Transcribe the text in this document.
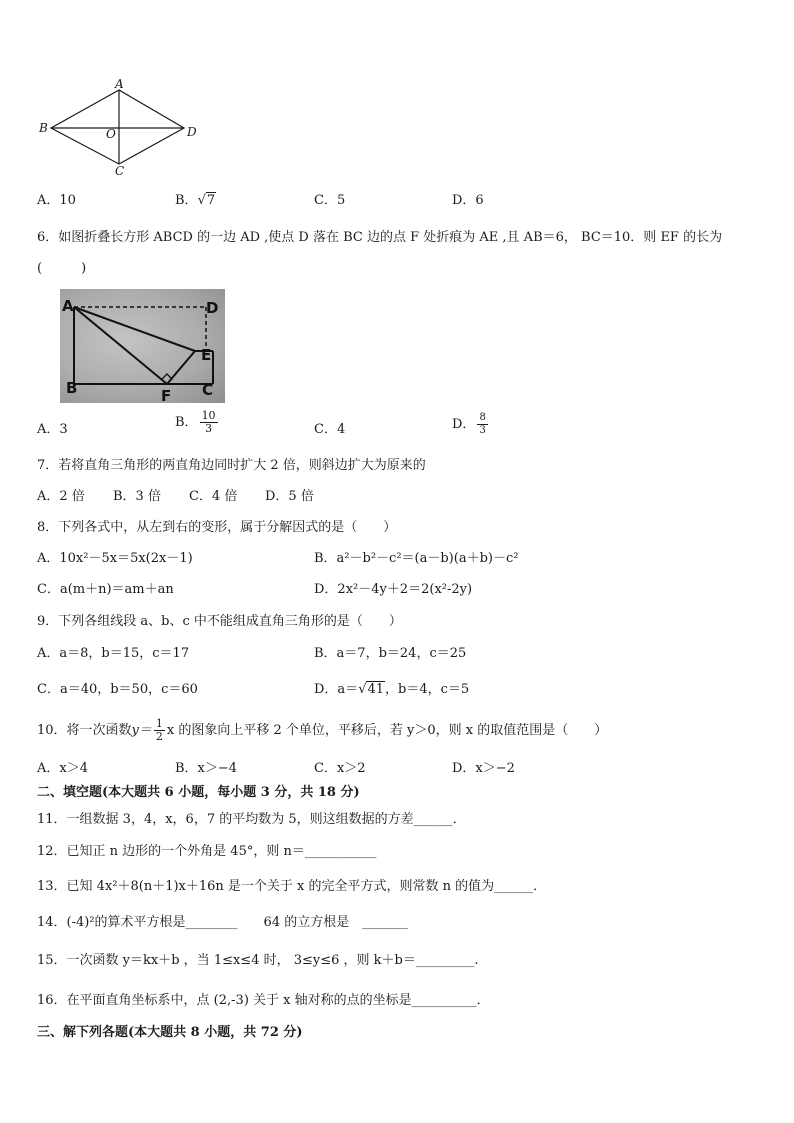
A
B	O	D
C
A．10	B．√7	C．5	D．6
6．如图折叠长方形 ABCD 的一边 AD ,使点 D 落在 BC 边的点 F 处折痕为 AE ,且 AB＝6， BC＝10．则 EF 的长为
(　　　)
A	D
E
B	F C
A．3	B． $\frac{10}{3}$	C．4	D． $\frac{8}{3}$
7．若将直角三角形的两直角边同时扩大 2 倍，则斜边扩大为原来的
A．2 倍 B．3 倍 C．4 倍 D．5 倍
8．下列各式中，从左到右的变形，属于分解因式的是（　　）
A．10x²－5x＝5x(2x－1)	B．a²－b²－c²＝(a－b)(a＋b)－c²
C．a(m＋n)＝am＋an	D．2x²－4y＋2＝2(x²-2y)
9．下列各组线段 a、b、c 中不能组成直角三角形的是（　　）
A．a＝8，b＝15，c＝17	B．a＝7，b＝24，c＝25
C．a＝40，b＝50，c＝60	D．a＝√41，b＝4，c＝5
10．将一次函数$y= \frac{1}{2}$ x 的图象向上平移 2 个单位，平移后，若 y＞0，则 x 的取值范围是（　　）
A．x＞4	B．x＞−4	C．x＞2	D．x＞−2
二、填空题(本大题共 6 小题，每小题 3 分，共 18 分)
11．一组数据 3，4，x，6，7 的平均数为 5，则这组数据的方差______．
12．已知正 n 边形的一个外角是 45°，则 n＝___________
13．已知 4x²＋8(n＋1)x＋16n 是一个关于 x 的完全平方式，则常数 n 的值为______．
14．(-4)²的算术平方根是________　　64 的立方根是　_______
15．一次函数 y＝kx＋b ，当 1≤x≤4 时， 3≤y≤6 ，则 k＋b＝_________.
16．在平面直角坐标系中，点 (2,-3) 关于 x 轴对称的点的坐标是__________．
三、解下列各题(本大题共 8 小题，共 72 分)
